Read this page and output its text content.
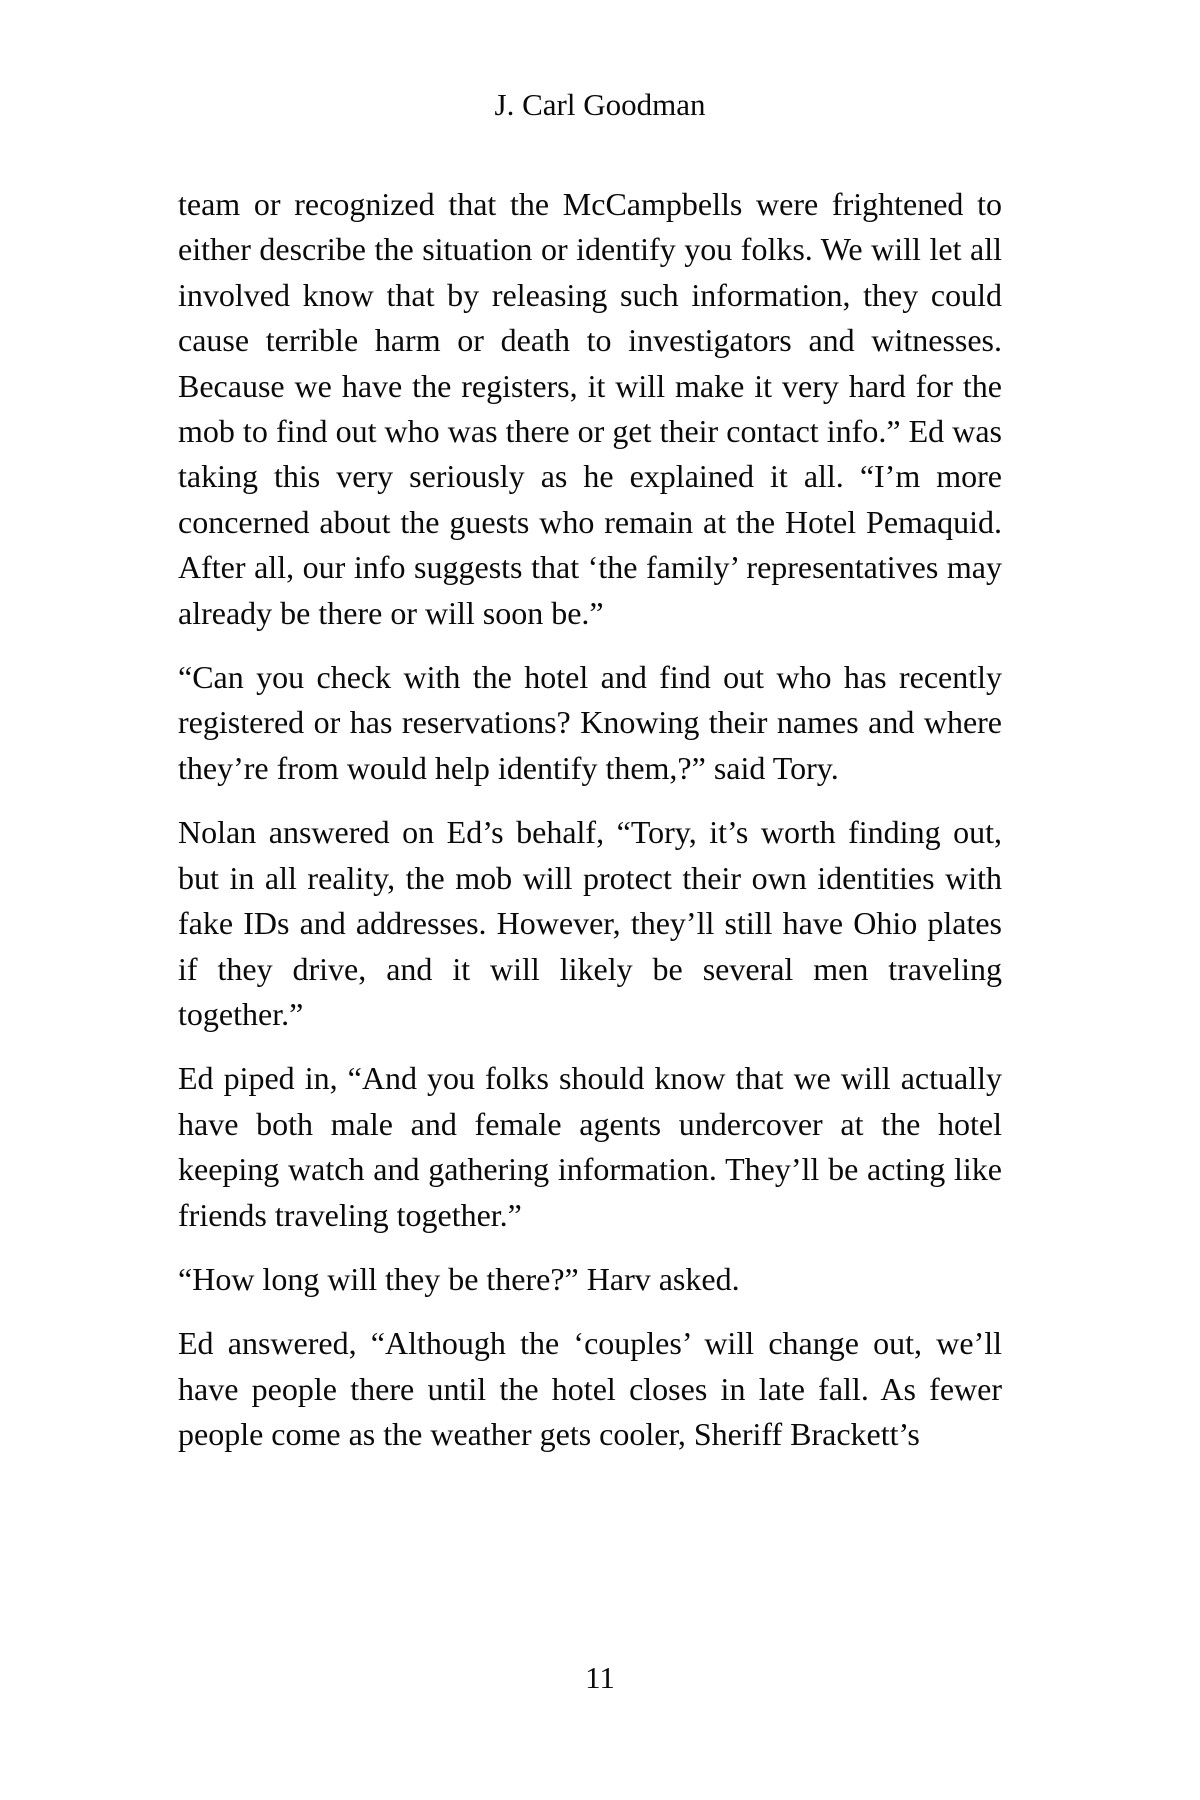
J. Carl Goodman

team or recognized that the McCampbells were frightened to either describe the situation or identify you folks. We will let all involved know that by releasing such information, they could cause terrible harm or death to investigators and witnesses. Because we have the registers, it will make it very hard for the mob to find out who was there or get their contact info.” Ed was taking this very seriously as he explained it all. “I’m more concerned about the guests who remain at the Hotel Pemaquid. After all, our info suggests that ‘the family’ representatives may already be there or will soon be.”

“Can you check with the hotel and find out who has recently registered or has reservations? Knowing their names and where they’re from would help identify them,?” said Tory.

Nolan answered on Ed’s behalf, “Tory, it’s worth finding out, but in all reality, the mob will protect their own identities with fake IDs and addresses. However, they’ll still have Ohio plates if they drive, and it will likely be several men traveling together.”

Ed piped in, “And you folks should know that we will actually have both male and female agents undercover at the hotel keeping watch and gathering information. They’ll be acting like friends traveling together.”

“How long will they be there?” Harv asked.

Ed answered, “Although the ‘couples’ will change out, we’ll have people there until the hotel closes in late fall. As fewer people come as the weather gets cooler, Sheriff Brackett’s

11
